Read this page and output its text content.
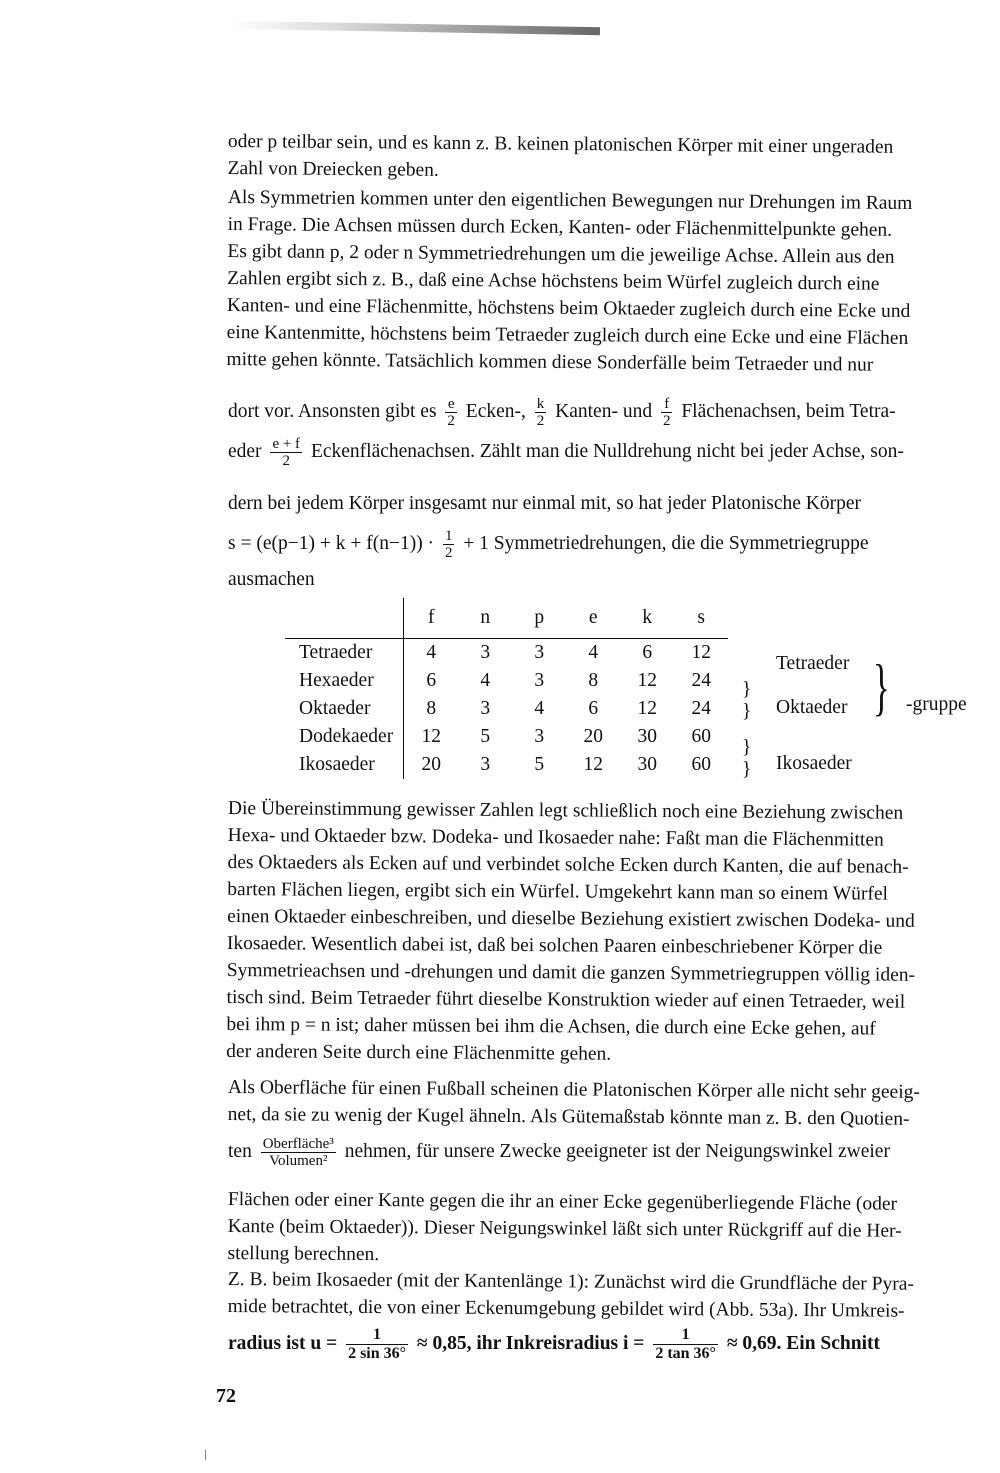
oder p teilbar sein, und es kann z. B. keinen platonischen Körper mit einer ungeraden
Zahl von Dreiecken geben.
Als Symmetrien kommen unter den eigentlichen Bewegungen nur Drehungen im Raum
in Frage. Die Achsen müssen durch Ecken, Kanten- oder Flächenmittelpunkte gehen.
Es gibt dann p, 2 oder n Symmetriedrehungen um die jeweilige Achse. Allein aus den
Zahlen ergibt sich z. B., daß eine Achse höchstens beim Würfel zugleich durch eine
Kanten- und eine Flächenmitte, höchstens beim Oktaeder zugleich durch eine Ecke und
eine Kantenmitte, höchstens beim Tetraeder zugleich durch eine Ecke und eine Flächen
mitte gehen könnte. Tatsächlich kommen diese Sonderfälle beim Tetraeder und nur
dort vor. Ansonsten gibt es $\frac{e}{2}$ Ecken-, $\frac{k}{2}$ Kanten- und $\frac{f}{2}$ Flächenachsen, beim Tetra-
eder $\frac{e + f}{2}$ Eckenflächenachsen. Zählt man die Nulldrehung nicht bei jeder Achse, son-
dern bei jedem Körper insgesamt nur einmal mit, so hat jeder Platonische Körper
$s = (e(p-1) + k + f(n-1)) \cdot \frac{1}{2} + 1$ Symmetriedrehungen, die die Symmetriegruppe
ausmachen
	f	n	p	e	k	s
Tetraeder	4	3	3	4	6	12
Hexaeder	6	4	3	8	12	24
Oktaeder	8	3	4	6	12	24
Dodekaeder	12	5	3	20	30	60
Ikosaeder	20	3	5	12	30	60
}
}
}
}
Tetraeder
Oktaeder
Ikosaeder
} -gruppe
Die Übereinstimmung gewisser Zahlen legt schließlich noch eine Beziehung zwischen
Hexa- und Oktaeder bzw. Dodeka- und Ikosaeder nahe: Faßt man die Flächenmitten
des Oktaeders als Ecken auf und verbindet solche Ecken durch Kanten, die auf benach-
barten Flächen liegen, ergibt sich ein Würfel. Umgekehrt kann man so einem Würfel
einen Oktaeder einbeschreiben, und dieselbe Beziehung existiert zwischen Dodeka- und
Ikosaeder. Wesentlich dabei ist, daß bei solchen Paaren einbeschriebener Körper die
Symmetrieachsen und -drehungen und damit die ganzen Symmetriegruppen völlig iden-
tisch sind. Beim Tetraeder führt dieselbe Konstruktion wieder auf einen Tetraeder, weil
bei ihm p = n ist; daher müssen bei ihm die Achsen, die durch eine Ecke gehen, auf
der anderen Seite durch eine Flächenmitte gehen.
Als Oberfläche für einen Fußball scheinen die Platonischen Körper alle nicht sehr geeig-
net, da sie zu wenig der Kugel ähneln. Als Gütemaßstab könnte man z. B. den Quotien-
ten $\frac{\text{Oberfläche³}}{\text{Volumen²}}$ nehmen, für unsere Zwecke geeigneter ist der Neigungswinkel zweier
Flächen oder einer Kante gegen die ihr an einer Ecke gegenüberliegende Fläche (oder
Kante (beim Oktaeder)). Dieser Neigungswinkel läßt sich unter Rückgriff auf die Her-
stellung berechnen.
Z. B. beim Ikosaeder (mit der Kantenlänge 1): Zunächst wird die Grundfläche der Pyra-
mide betrachtet, die von einer Eckenumgebung gebildet wird (Abb. 53a). Ihr Umkreis-
radius ist $u = \frac{1}{2 \sin 36^\circ} \approx 0,85$, ihr Inkreisradius $i = \frac{1}{2 \tan 36^\circ} \approx 0,69$. Ein Schnitt
72
